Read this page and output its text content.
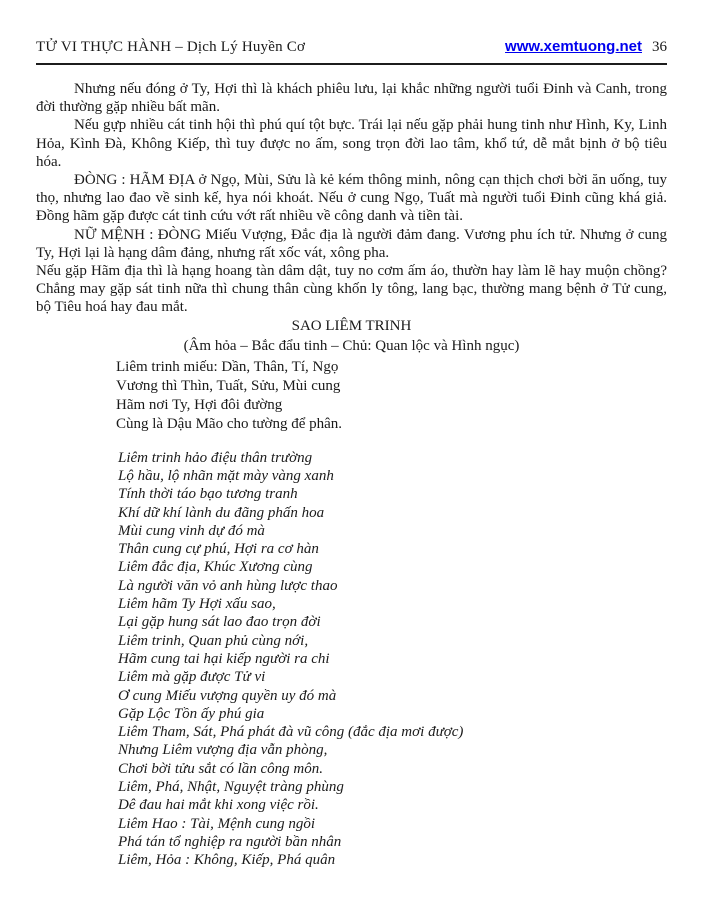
TỬ VI THỰC HÀNH – Dịch Lý Huyền Cơ	www.xemtuong.net 36

Nhưng nếu đóng ở Ty, Hợi thì là khách phiêu lưu, lại khắc những người tuổi Đinh và Canh, trong đời thường gặp nhiều bất mãn.

Nếu gựp nhiều cát tinh hội thì phú quí tột bực. Trái lại nếu gặp phải hung tinh như Hình, Ky, Linh Hỏa, Kình Đà, Không Kiếp, thì tuy được no ấm, song trọn đời lao tâm, khổ tứ, dễ mắt bịnh ở bộ tiêu hóa.

ĐÒNG : HÃM ĐỊA ở Ngọ, Mùi, Sửu là kẻ kém thông minh, nông cạn thịch chơi bời ăn uống, tuy thọ, nhưng lao đao về sinh kế, hya nói khoát. Nếu ở cung Ngọ, Tuất mà người tuổi Đinh cũng khá giả. Đồng hãm gặp được cát tinh cứu vớt rất nhiều về công danh và tiền tài.

NỮ MỆNH : ĐÒNG Miếu Vượng, Đắc địa là người đảm đang. Vương phu ích tử. Nhưng ở cung Ty, Hợi lại là hạng dâm đảng, nhưng rất xốc vát, xông pha.

Nếu gặp Hãm địa thì là hạng hoang tàn dâm dật, tuy no cơm ấm áo, thườn hay làm lẽ hay muộn chồng? Chẳng may gặp sát tinh nữa thì chung thân cùng khốn ly tông, lang bạc, thường mang bệnh ở Tử cung, bộ Tiêu hoá hay đau mắt.

SAO LIÊM TRINH
(Âm hỏa – Bắc đẩu tinh – Chủ: Quan lộc và Hình ngục)
Liêm trinh miếu: Dần, Thân, Tí, Ngọ
Vương thì Thìn, Tuất, Sửu, Mùi cung
Hãm nơi Ty, Hợi đôi đường
Cùng là Dậu Mão cho tường để phân.
Liêm trinh hảo điệu thân trường
Lộ hầu, lộ nhãn mặt mày vàng xanh
Tính thời táo bạo tương tranh
Khí dữ khí lành du đãng phấn hoa
Mùi cung vinh dự đó mà
Thân cung cự phú, Hợi ra cơ hàn
Liêm đắc địa, Khúc Xương cùng
Là người văn vỏ anh hùng lược thao
Liêm hãm Ty Hợi xấu sao,
Lại gặp hung sát lao đao trọn đời
Liêm trinh, Quan phủ cùng nới,
Hãm cung tai hại kiếp người ra chi
Liêm mà gặp được Tử vi
Ơ cung Miếu vượng quyền uy đó mà
Gặp Lộc Tồn ấy phú gia
Liêm Tham, Sát, Phá phát đà vũ công (đắc địa mơi được)
Nhưng Liêm vượng địa vẫn phòng,
Chơi bời tửu sắt có lần công môn.
Liêm, Phá, Nhật, Nguyệt tràng phùng
Dê đau hai mắt khi xong việc rồi.
Liêm Hao : Tài, Mệnh cung ngồi
Phá tán tổ nghiệp ra người bần nhân
Liêm, Hỏa : Không, Kiếp, Phá quân
